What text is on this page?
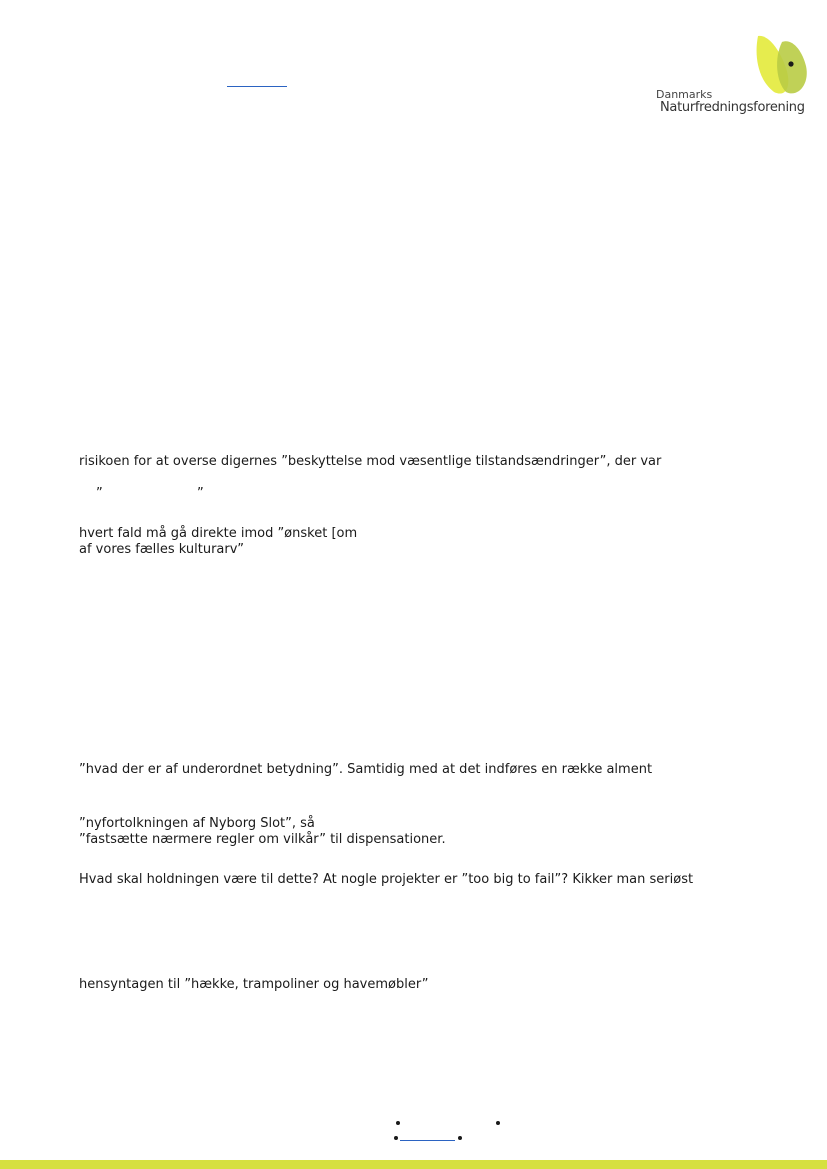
Danmarks
Naturfredningsforening
risikoen for at overse digernes ”beskyttelse mod væsentlige tilstandsændringer”, der var
”	”
hvert fald må gå direkte imod ”ønsket [om
af vores fælles kulturarv”
”hvad der er af underordnet betydning”. Samtidig med at det indføres en række alment
”nyfortolkningen af Nyborg Slot”, så
”fastsætte nærmere regler om vilkår” til dispensationer.
Hvad skal holdningen være til dette? At nogle projekter er ”too big to fail”? Kikker man seriøst
hensyntagen til ”hække, trampoliner og havemøbler”
